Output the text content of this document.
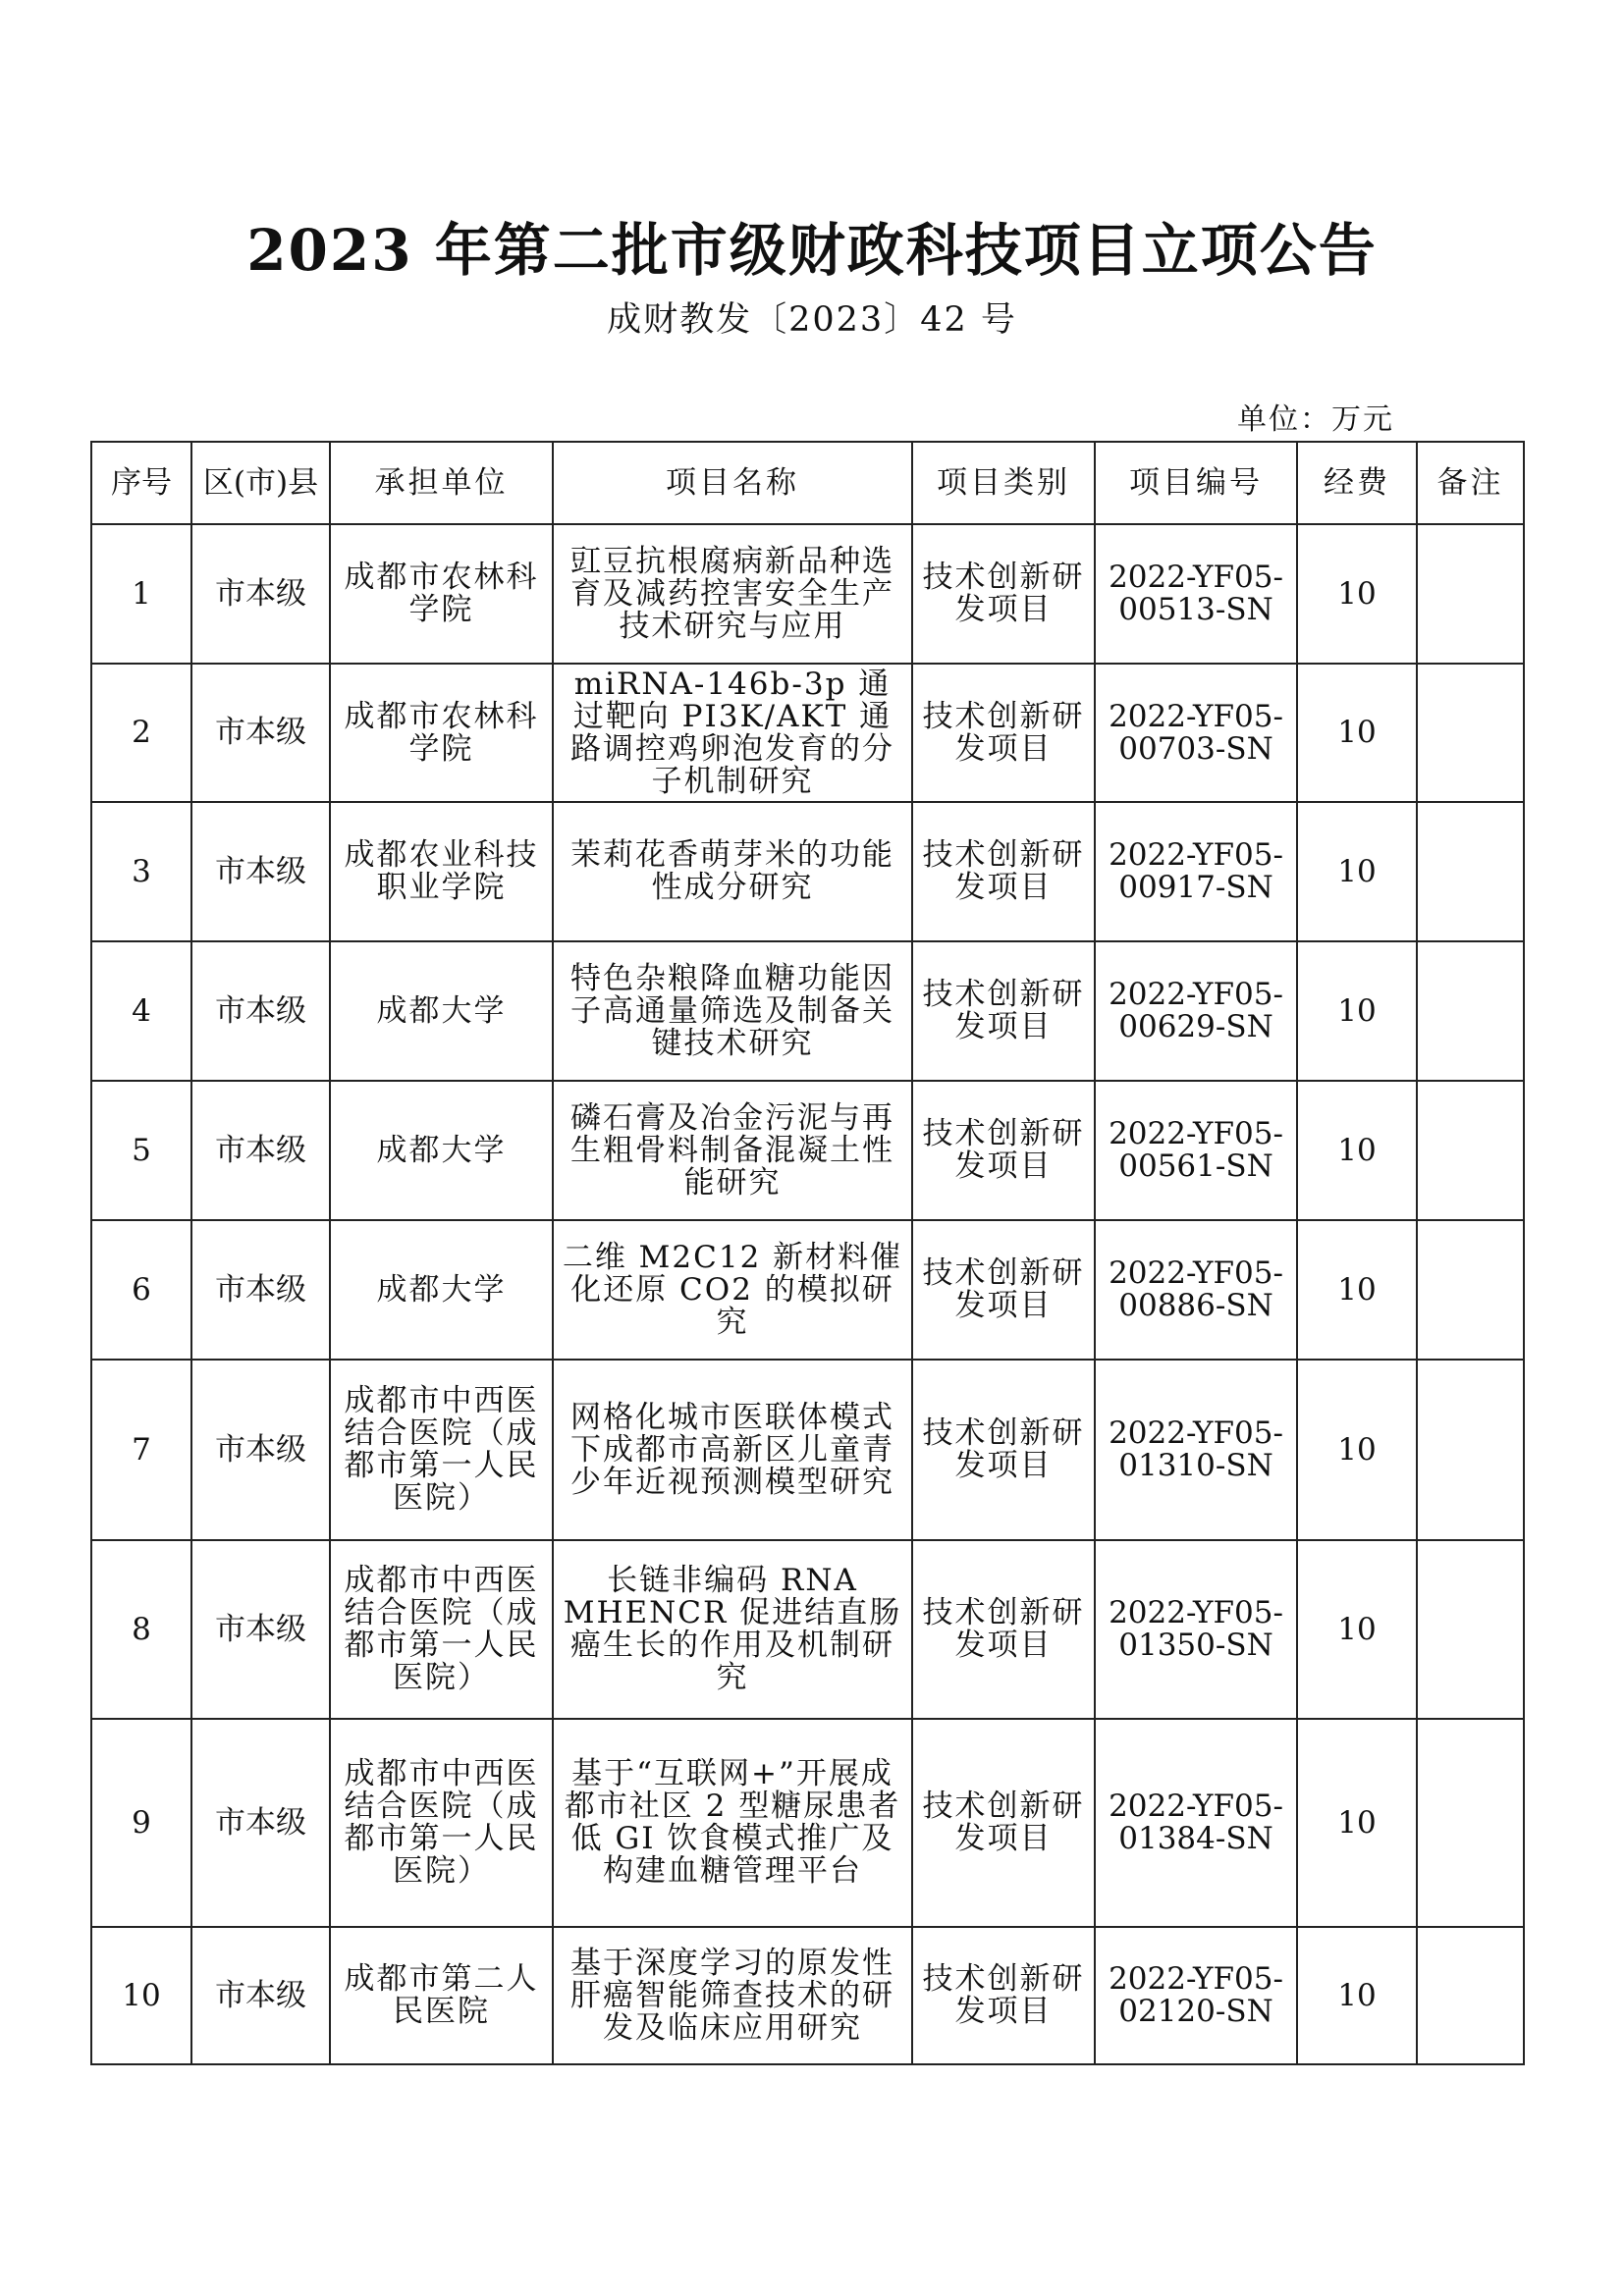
2023 年第二批市级财政科技项目立项公告
成财教发〔2023〕42 号
单位：万元
序号	区(市)县	承担单位	项目名称	项目类别	项目编号	经费	备注
1	市本级	成都市农林科学院	豇豆抗根腐病新品种选育及减药控害安全生产技术研究与应用	技术创新研发项目	2022-YF05-00513-SN	10	
2	市本级	成都市农林科学院	miRNA-146b-3p 通过靶向 PI3K/AKT 通路调控鸡卵泡发育的分子机制研究	技术创新研发项目	2022-YF05-00703-SN	10	
3	市本级	成都农业科技职业学院	茉莉花香萌芽米的功能性成分研究	技术创新研发项目	2022-YF05-00917-SN	10	
4	市本级	成都大学	特色杂粮降血糖功能因子高通量筛选及制备关键技术研究	技术创新研发项目	2022-YF05-00629-SN	10	
5	市本级	成都大学	磷石膏及冶金污泥与再生粗骨料制备混凝土性能研究	技术创新研发项目	2022-YF05-00561-SN	10	
6	市本级	成都大学	二维 M2C12 新材料催化还原 CO2 的模拟研究	技术创新研发项目	2022-YF05-00886-SN	10	
7	市本级	成都市中西医结合医院（成都市第一人民医院）	网格化城市医联体模式下成都市高新区儿童青少年近视预测模型研究	技术创新研发项目	2022-YF05-01310-SN	10	
8	市本级	成都市中西医结合医院（成都市第一人民医院）	长链非编码 RNA MHENCR 促进结直肠癌生长的作用及机制研究	技术创新研发项目	2022-YF05-01350-SN	10	
9	市本级	成都市中西医结合医院（成都市第一人民医院）	基于“互联网+”开展成都市社区 2 型糖尿患者低 GI 饮食模式推广及构建血糖管理平台	技术创新研发项目	2022-YF05-01384-SN	10	
10	市本级	成都市第二人民医院	基于深度学习的原发性肝癌智能筛查技术的研发及临床应用研究	技术创新研发项目	2022-YF05-02120-SN	10	
